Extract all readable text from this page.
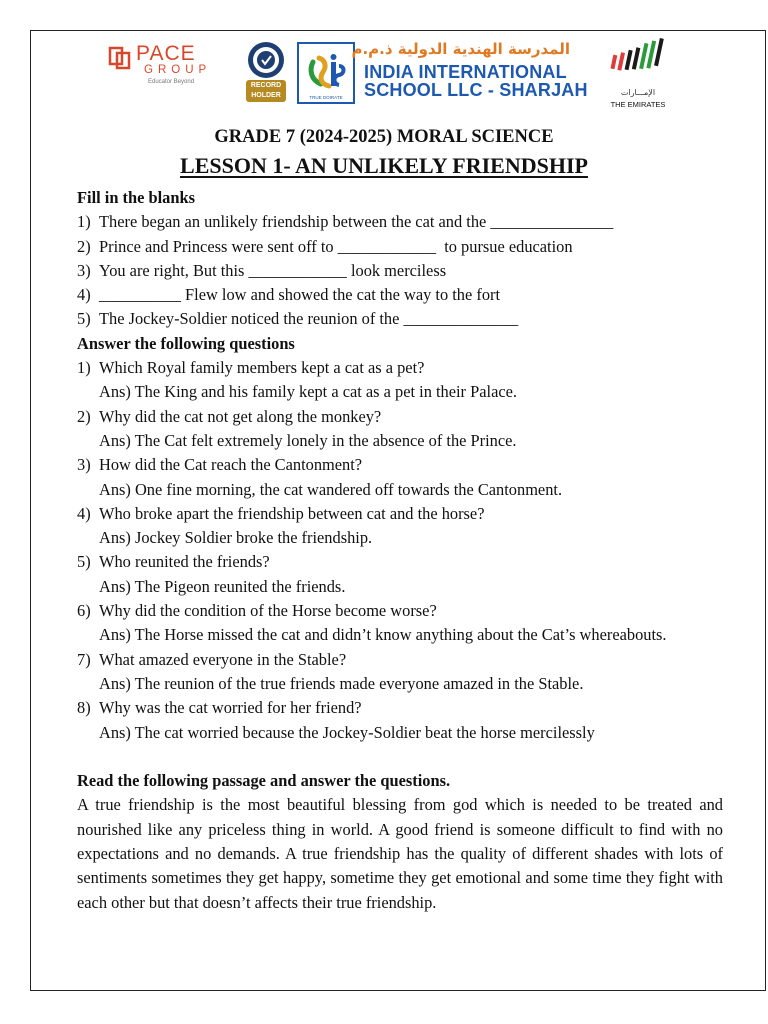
PACE
GROUP
Educator Beyond	RECORD
HOLDER	TRUE DOIRATE
المدرسة الهندية الدولية ذ.م.م
INDIA INTERNATIONAL
SCHOOL LLC - SHARJAH	الإمـــارات
THE EMIRATES
GRADE 7 (2024-2025) MORAL SCIENCE
LESSON 1- AN UNLIKELY FRIENDSHIP
Fill in the blanks
1) There began an unlikely friendship between the cat and the _______________
2) Prince and Princess were sent off to ____________  to pursue education
3) You are right, But this ____________ look merciless
4) __________ Flew low and showed the cat the way to the fort
5) The Jockey-Soldier noticed the reunion of the ______________
Answer the following questions
1) Which Royal family members kept a cat as a pet?
Ans) The King and his family kept a cat as a pet in their Palace.
2) Why did the cat not get along the monkey?
Ans) The Cat felt extremely lonely in the absence of the Prince.
3) How did the Cat reach the Cantonment?
Ans) One fine morning, the cat wandered off towards the Cantonment.
4) Who broke apart the friendship between cat and the horse?
Ans) Jockey Soldier broke the friendship.
5) Who reunited the friends?
Ans) The Pigeon reunited the friends.
6) Why did the condition of the Horse become worse?
Ans) The Horse missed the cat and didn’t know anything about the Cat’s whereabouts.
7) What amazed everyone in the Stable?
Ans) The reunion of the true friends made everyone amazed in the Stable.
8) Why was the cat worried for her friend?
Ans) The cat worried because the Jockey-Soldier beat the horse mercilessly
Read the following passage and answer the questions.

A true friendship is the most beautiful blessing from god which is needed to be treated and nourished like any priceless thing in world. A good friend is someone difficult to find with no expectations and no demands. A true friendship has the quality of different shades with lots of sentiments sometimes they get happy, sometime they get emotional and some time they fight with each other but that doesn’t affects their true friendship.
